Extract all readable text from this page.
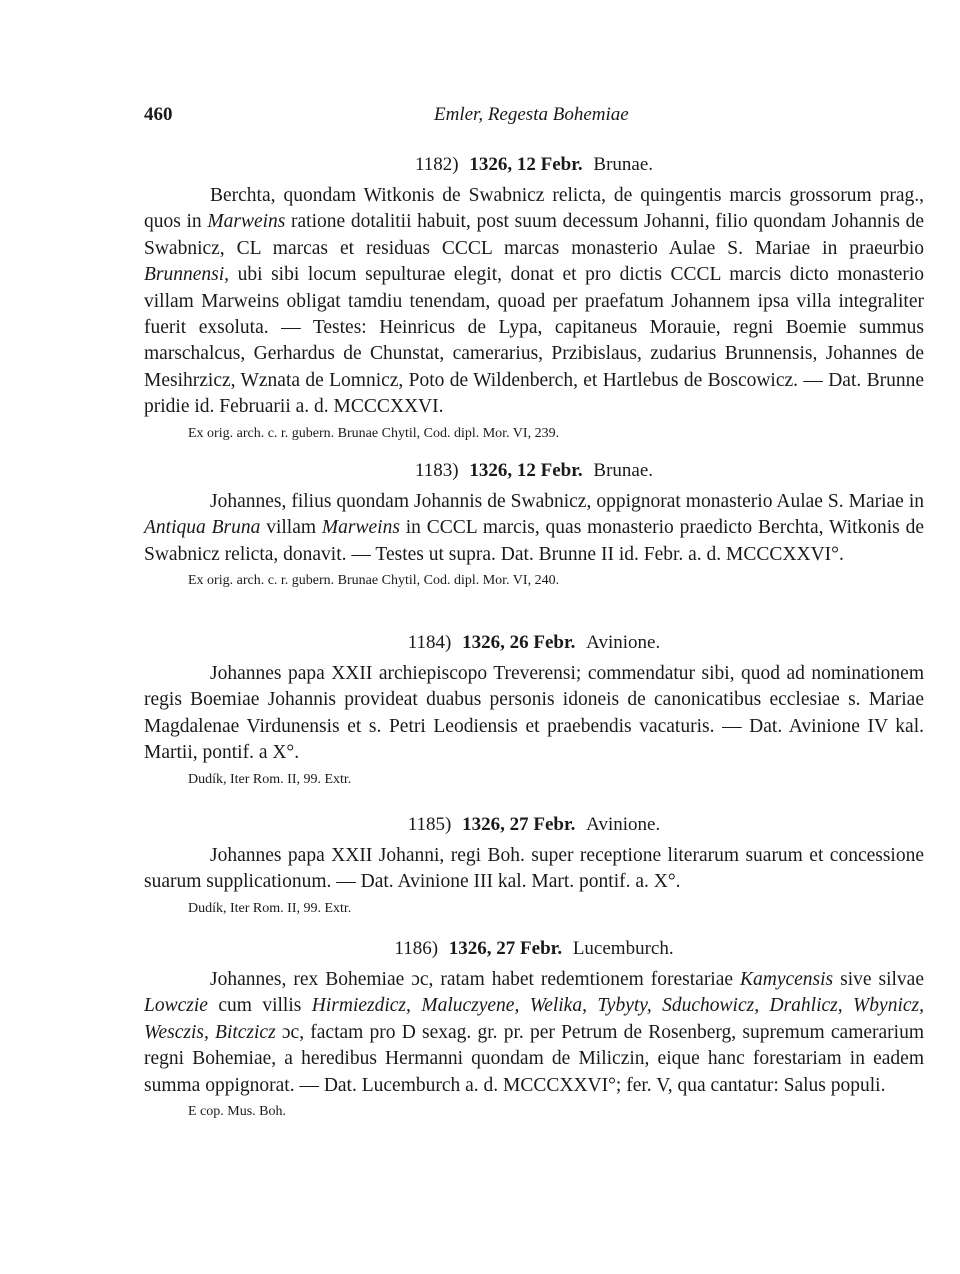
460	Emler, Regesta Bohemiae
1182) 1326, 12 Febr. Brunae.

Berchta, quondam Witkonis de Swabnicz relicta, de quingentis marcis grossorum prag., quos in Marweins ratione dotalitii habuit, post suum decessum Johanni, filio quondam Johannis de Swabnicz, CL marcas et residuas CCCL marcas monasterio Aulae S. Mariae in praeurbio Brunnensi, ubi sibi locum sepulturae elegit, donat et pro dictis CCCL marcis dicto monasterio villam Marweins obligat tamdiu tenendam, quoad per praefatum Johannem ipsa villa integraliter fuerit exsoluta. — Testes: Heinricus de Lypa, capitaneus Morauie, regni Boemie summus marschalcus, Gerhardus de Chunstat, camerarius, Przibislaus, zudarius Brunnensis, Johannes de Mesihrzicz, Wznata de Lomnicz, Poto de Wildenberch, et Hartlebus de Boscowicz. — Dat. Brunne pridie id. Februarii a. d. MCCCXXVI.

Ex orig. arch. c. r. gubern. Brunae Chytil, Cod. dipl. Mor. VI, 239.
1183) 1326, 12 Febr. Brunae.

Johannes, filius quondam Johannis de Swabnicz, oppignorat monasterio Aulae S. Mariae in Antiqua Bruna villam Marweins in CCCL marcis, quas monasterio praedicto Berchta, Witkonis de Swabnicz relicta, donavit. — Testes ut supra. Dat. Brunne II id. Febr. a. d. MCCCXXVI°.

Ex orig. arch. c. r. gubern. Brunae Chytil, Cod. dipl. Mor. VI, 240.
1184) 1326, 26 Febr. Avinione.

Johannes papa XXII archiepiscopo Treverensi; commendatur sibi, quod ad nominationem regis Boemiae Johannis provideat duabus personis idoneis de canonicatibus ecclesiae s. Mariae Magdalenae Virdunensis et s. Petri Leodiensis et praebendis vacaturis. — Dat. Avinione IV kal. Martii, pontif. a X°.

Dudík, Iter Rom. II, 99. Extr.
1185) 1326, 27 Febr. Avinione.

Johannes papa XXII Johanni, regi Boh. super receptione literarum suarum et concessione suarum supplicationum. — Dat. Avinione III kal. Mart. pontif. a. X°.

Dudík, Iter Rom. II, 99. Extr.
1186) 1326, 27 Febr. Lucemburch.

Johannes, rex Bohemiae ɔc, ratam habet redemtionem forestariae Kamycensis sive silvae Lowczie cum villis Hirmiezdicz, Maluczyene, Welika, Tybyty, Sduchowicz, Drahlicz, Wbynicz, Wesczis, Bitczicz ɔc, factam pro D sexag. gr. pr. per Petrum de Rosenberg, supremum camerarium regni Bohemiae, a heredibus Hermanni quondam de Miliczin, eique hanc forestariam in eadem summa oppignorat. — Dat. Lucemburch a. d. MCCCXXVI°; fer. V, qua cantatur: Salus populi.

E cop. Mus. Boh.
